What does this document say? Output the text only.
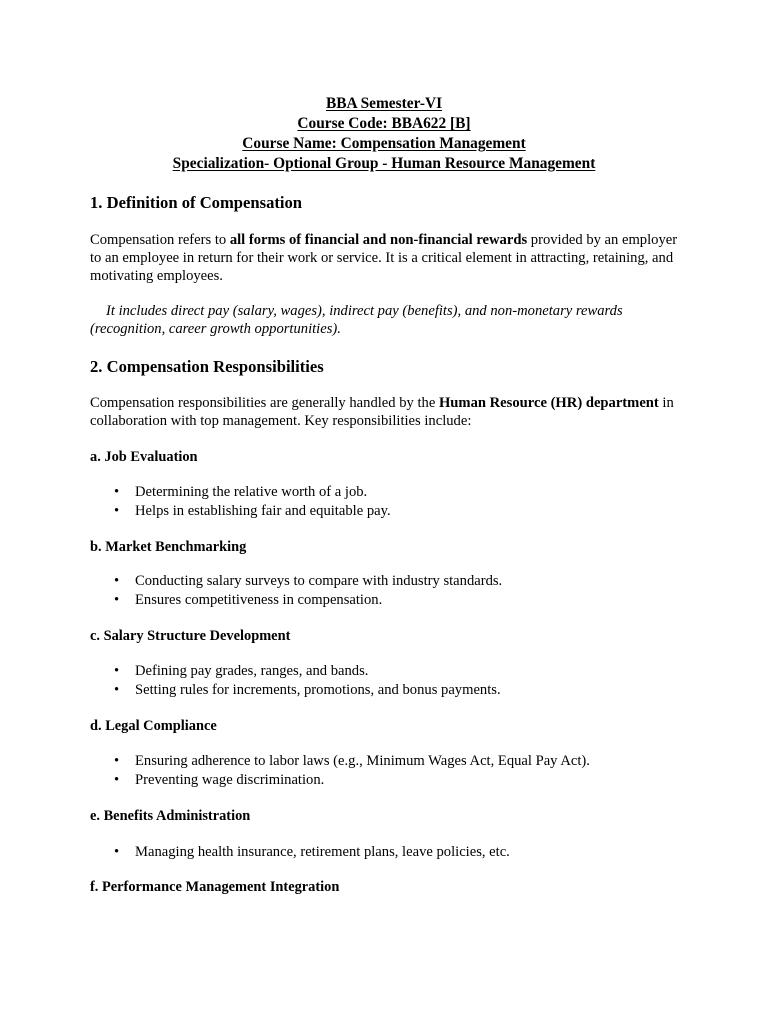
BBA Semester-VI
Course Code: BBA622 [B]
Course Name: Compensation Management
Specialization- Optional Group - Human Resource Management
1. Definition of Compensation
Compensation refers to all forms of financial and non-financial rewards provided by an employer to an employee in return for their work or service. It is a critical element in attracting, retaining, and motivating employees.
It includes direct pay (salary, wages), indirect pay (benefits), and non-monetary rewards
(recognition, career growth opportunities).
2. Compensation Responsibilities
Compensation responsibilities are generally handled by the Human Resource (HR) department in collaboration with top management. Key responsibilities include:
a. Job Evaluation
• Determining the relative worth of a job.
• Helps in establishing fair and equitable pay.
b. Market Benchmarking
• Conducting salary surveys to compare with industry standards.
• Ensures competitiveness in compensation.
c. Salary Structure Development
• Defining pay grades, ranges, and bands.
• Setting rules for increments, promotions, and bonus payments.
d. Legal Compliance
• Ensuring adherence to labor laws (e.g., Minimum Wages Act, Equal Pay Act).
• Preventing wage discrimination.
e. Benefits Administration
• Managing health insurance, retirement plans, leave policies, etc.
f. Performance Management Integration
